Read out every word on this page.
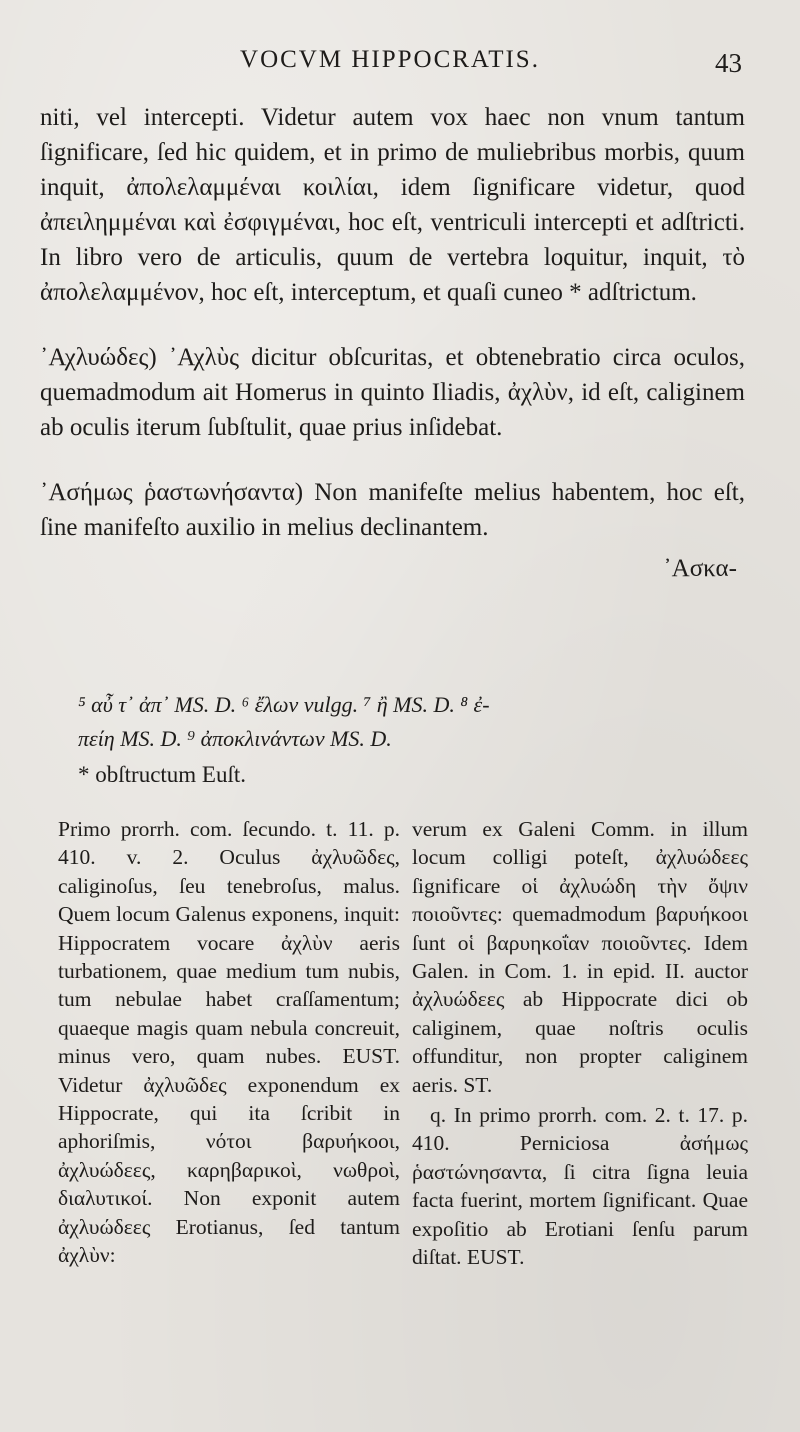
VOCVM HIPPOCRATIS.	43

niti, vel intercepti. Videtur autem vox haec non vnum tantum ſignificare, ſed hic quidem, et in primo de muliebribus morbis, quum inquit, ἀπολελαμμέναι κοιλίαι, idem ſignificare videtur, quod ἀπειλημμέναι καὶ ἐσφιγμέναι, hoc eſt, ventriculi intercepti et adſtricti. In libro vero de articulis, quum de vertebra loquitur, inquit, τὸ ἀπολελαμμένον, hoc eſt, interceptum, et quaſi cuneo * adſtrictum.

᾿Αχλυώδες) ᾿Αχλὺς dicitur obſcuritas, et obtenebratio circa oculos, quemadmodum ait Homerus in quinto Iliadis, ἀχλὺν, id eſt, caliginem ab oculis iterum ſubſtulit, quae prius inſidebat.

᾿Ασήμως ῥαστωνήσαντα) Non manifeſte melius habentem, hoc eſt, ſine manifeſto auxilio in melius declinantem.

᾿Ασκα-
⁵ αὖ τ᾿ ἀπ᾿ MS. D. ⁶ ἔλων vulgg. ⁷ ἢ MS. D. ⁸ ἐ-
πείη MS. D. ⁹ ἀποκλινάντων MS. D.
* obſtructum Euſt.

Primo prorrh. com. ſecundo. t. 11. p. 410. v. 2. Oculus ἀχλυῶδες, caliginoſus, ſeu tenebroſus, malus. Quem locum Galenus exponens, inquit: Hippocratem vocare ἀχλὺν aeris turbationem, quae medium tum nubis, tum nebulae habet craſſamentum; quaeque magis quam nebula concreuit, minus vero, quam nubes. EUST. Videtur ἀχλυῶδες exponendum ex Hippocrate, qui ita ſcribit in aphoriſmis, νότοι βαρυήκοοι, ἀχλυώδεες, καρηβαρικοὶ, νωθροὶ, διαλυτικοί. Non exponit autem ἀχλυώδεες Erotianus, ſed tantum ἀχλὺν:

verum ex Galeni Comm. in illum locum colligi poteſt, ἀχλυώδεες ſignificare οἱ ἀχλυώδη τὴν ὄψιν ποιοῦντες: quemadmodum βαρυήκοοι ſunt οἱ βαρυηκοΐαν ποιοῦντες. Idem Galen. in Com. 1. in epid. II. auctor ἀχλυώδεες ab Hippocrate dici ob caliginem, quae noſtris oculis offunditur, non propter caliginem aeris. ST.

q. In primo prorrh. com. 2. t. 17. p. 410. Perniciosa ἀσήμως ῥαστώνησαντα, ſi citra ſigna leuia facta fuerint, mortem ſignificant. Quae expoſitio ab Erotiani ſenſu parum diſtat. EUST.
